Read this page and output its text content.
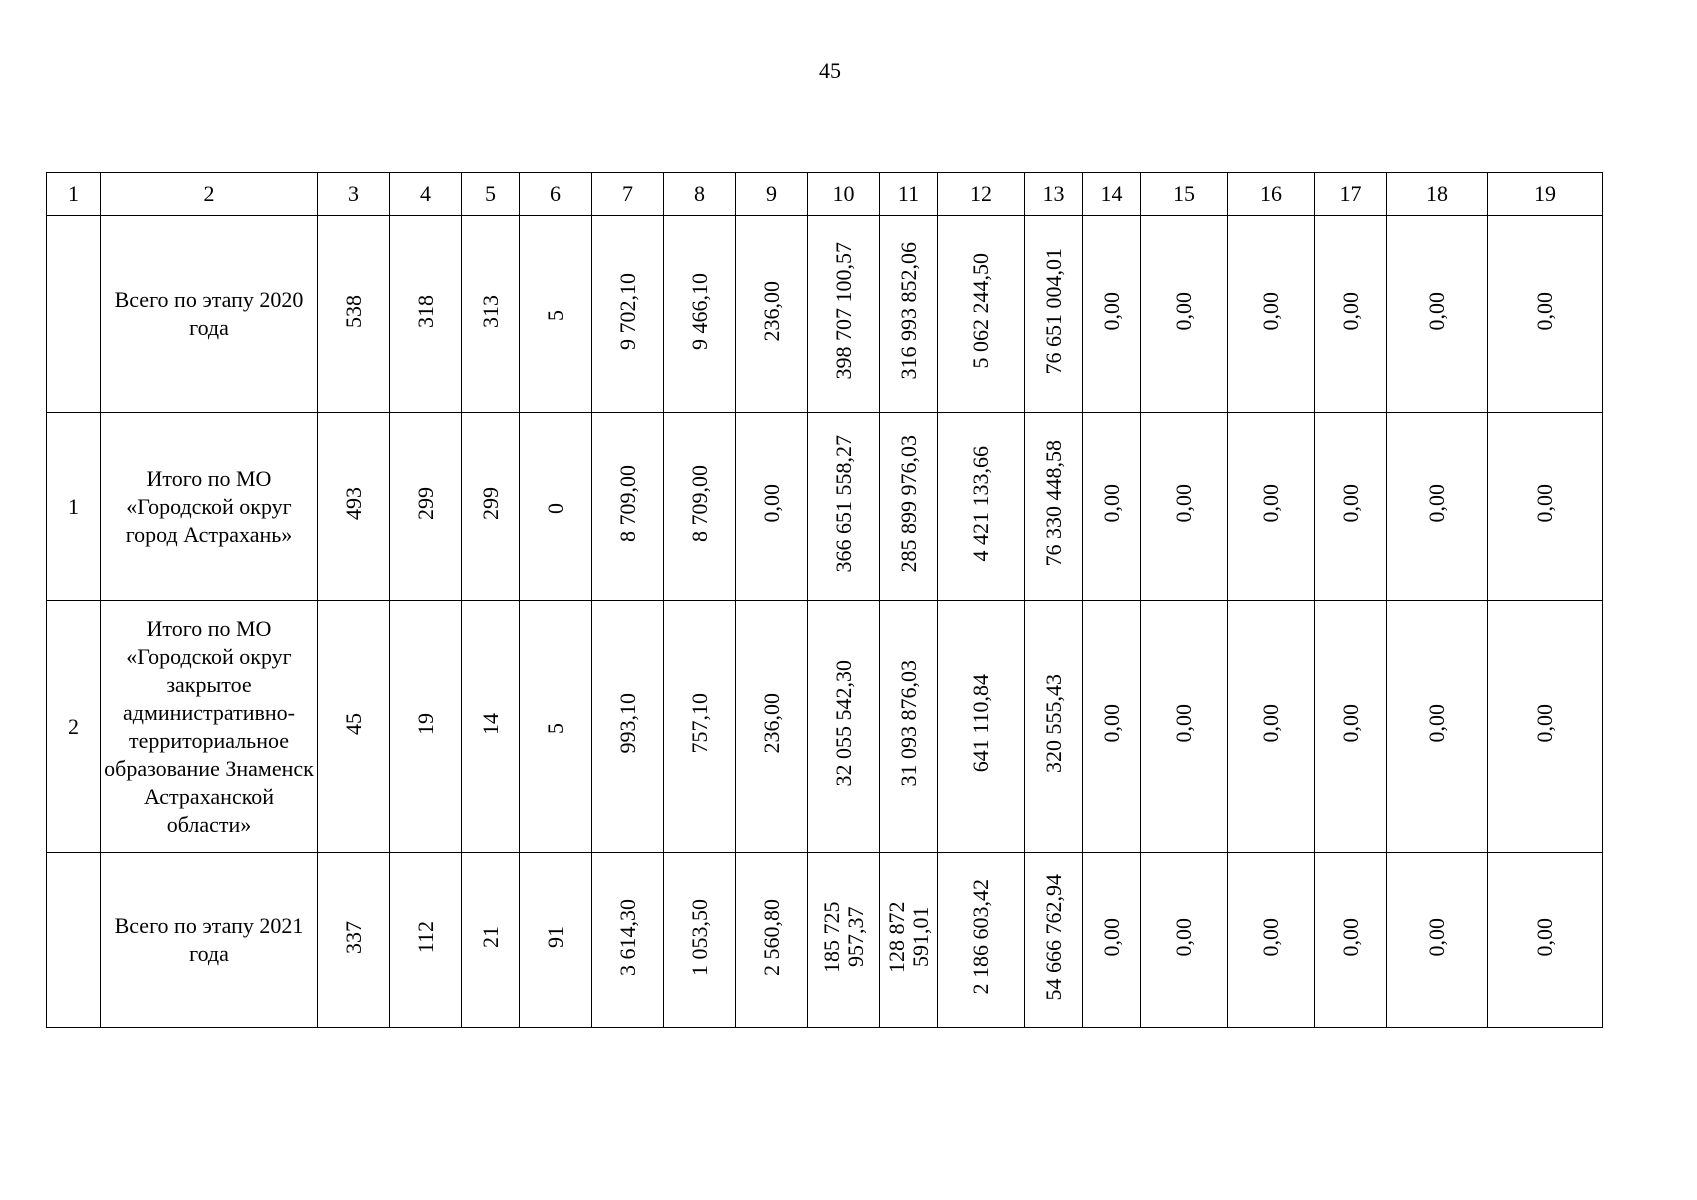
45
1	2	3	4	5	6	7	8	9	10	11	12	13	14	15	16	17	18	19
	Всего по этапу 2020 года	538	318	313	5	9 702,10	9 466,10	236,00	398 707 100,57	316 993 852,06	5 062 244,50	76 651 004,01	0,00	0,00	0,00	0,00	0,00	0,00
1	Итого по МО «Городской округ город Астрахань»	493	299	299	0	8 709,00	8 709,00	0,00	366 651 558,27	285 899 976,03	4 421 133,66	76 330 448,58	0,00	0,00	0,00	0,00	0,00	0,00
2	Итого по МО «Городской округ закрытое административно-территориальное образование Знаменск Астраханской области»	45	19	14	5	993,10	757,10	236,00	32 055 542,30	31 093 876,03	641 110,84	320 555,43	0,00	0,00	0,00	0,00	0,00	0,00
	Всего по этапу 2021 года	337	112	21	91	3 614,30	1 053,50	2 560,80	185 725 957,37	128 872 591,01	2 186 603,42	54 666 762,94	0,00	0,00	0,00	0,00	0,00	0,00
